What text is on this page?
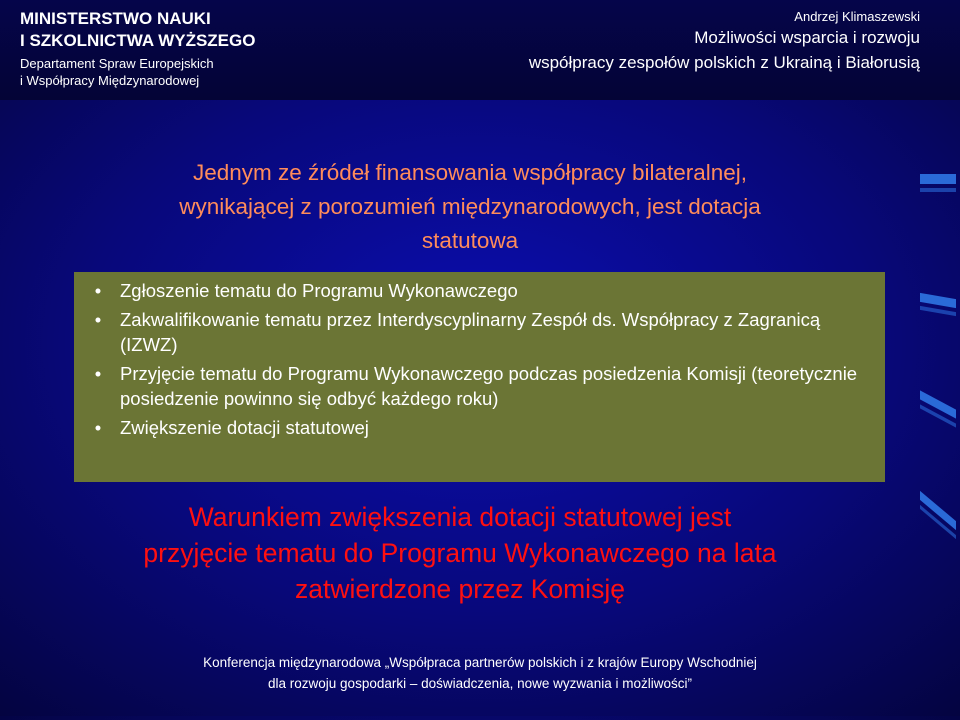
MINISTERSTWO NAUKI
I SZKOLNICTWA WYŻSZEGO
Departament Spraw Europejskich
i Współpracy Międzynarodowej
Andrzej Klimaszewski
Możliwości wsparcia i rozwoju
współpracy zespołów polskich z Ukrainą i Białorusią
Jednym ze źródeł finansowania współpracy bilateralnej,
wynikającej z porozumień międzynarodowych, jest dotacja
statutowa
•	Zgłoszenie tematu do Programu Wykonawczego
•	Zakwalifikowanie tematu przez Interdyscyplinarny Zespół ds. Współpracy z Zagranicą (IZWZ)
•	Przyjęcie tematu do Programu Wykonawczego podczas posiedzenia Komisji (teoretycznie posiedzenie powinno się odbyć każdego roku)
•	Zwiększenie dotacji statutowej
Warunkiem zwiększenia dotacji statutowej jest
przyjęcie tematu do Programu Wykonawczego na lata
zatwierdzone przez Komisję
Konferencja międzynarodowa „Współpraca partnerów polskich i z krajów Europy Wschodniej
dla rozwoju gospodarki – doświadczenia, nowe wyzwania i możliwości”
